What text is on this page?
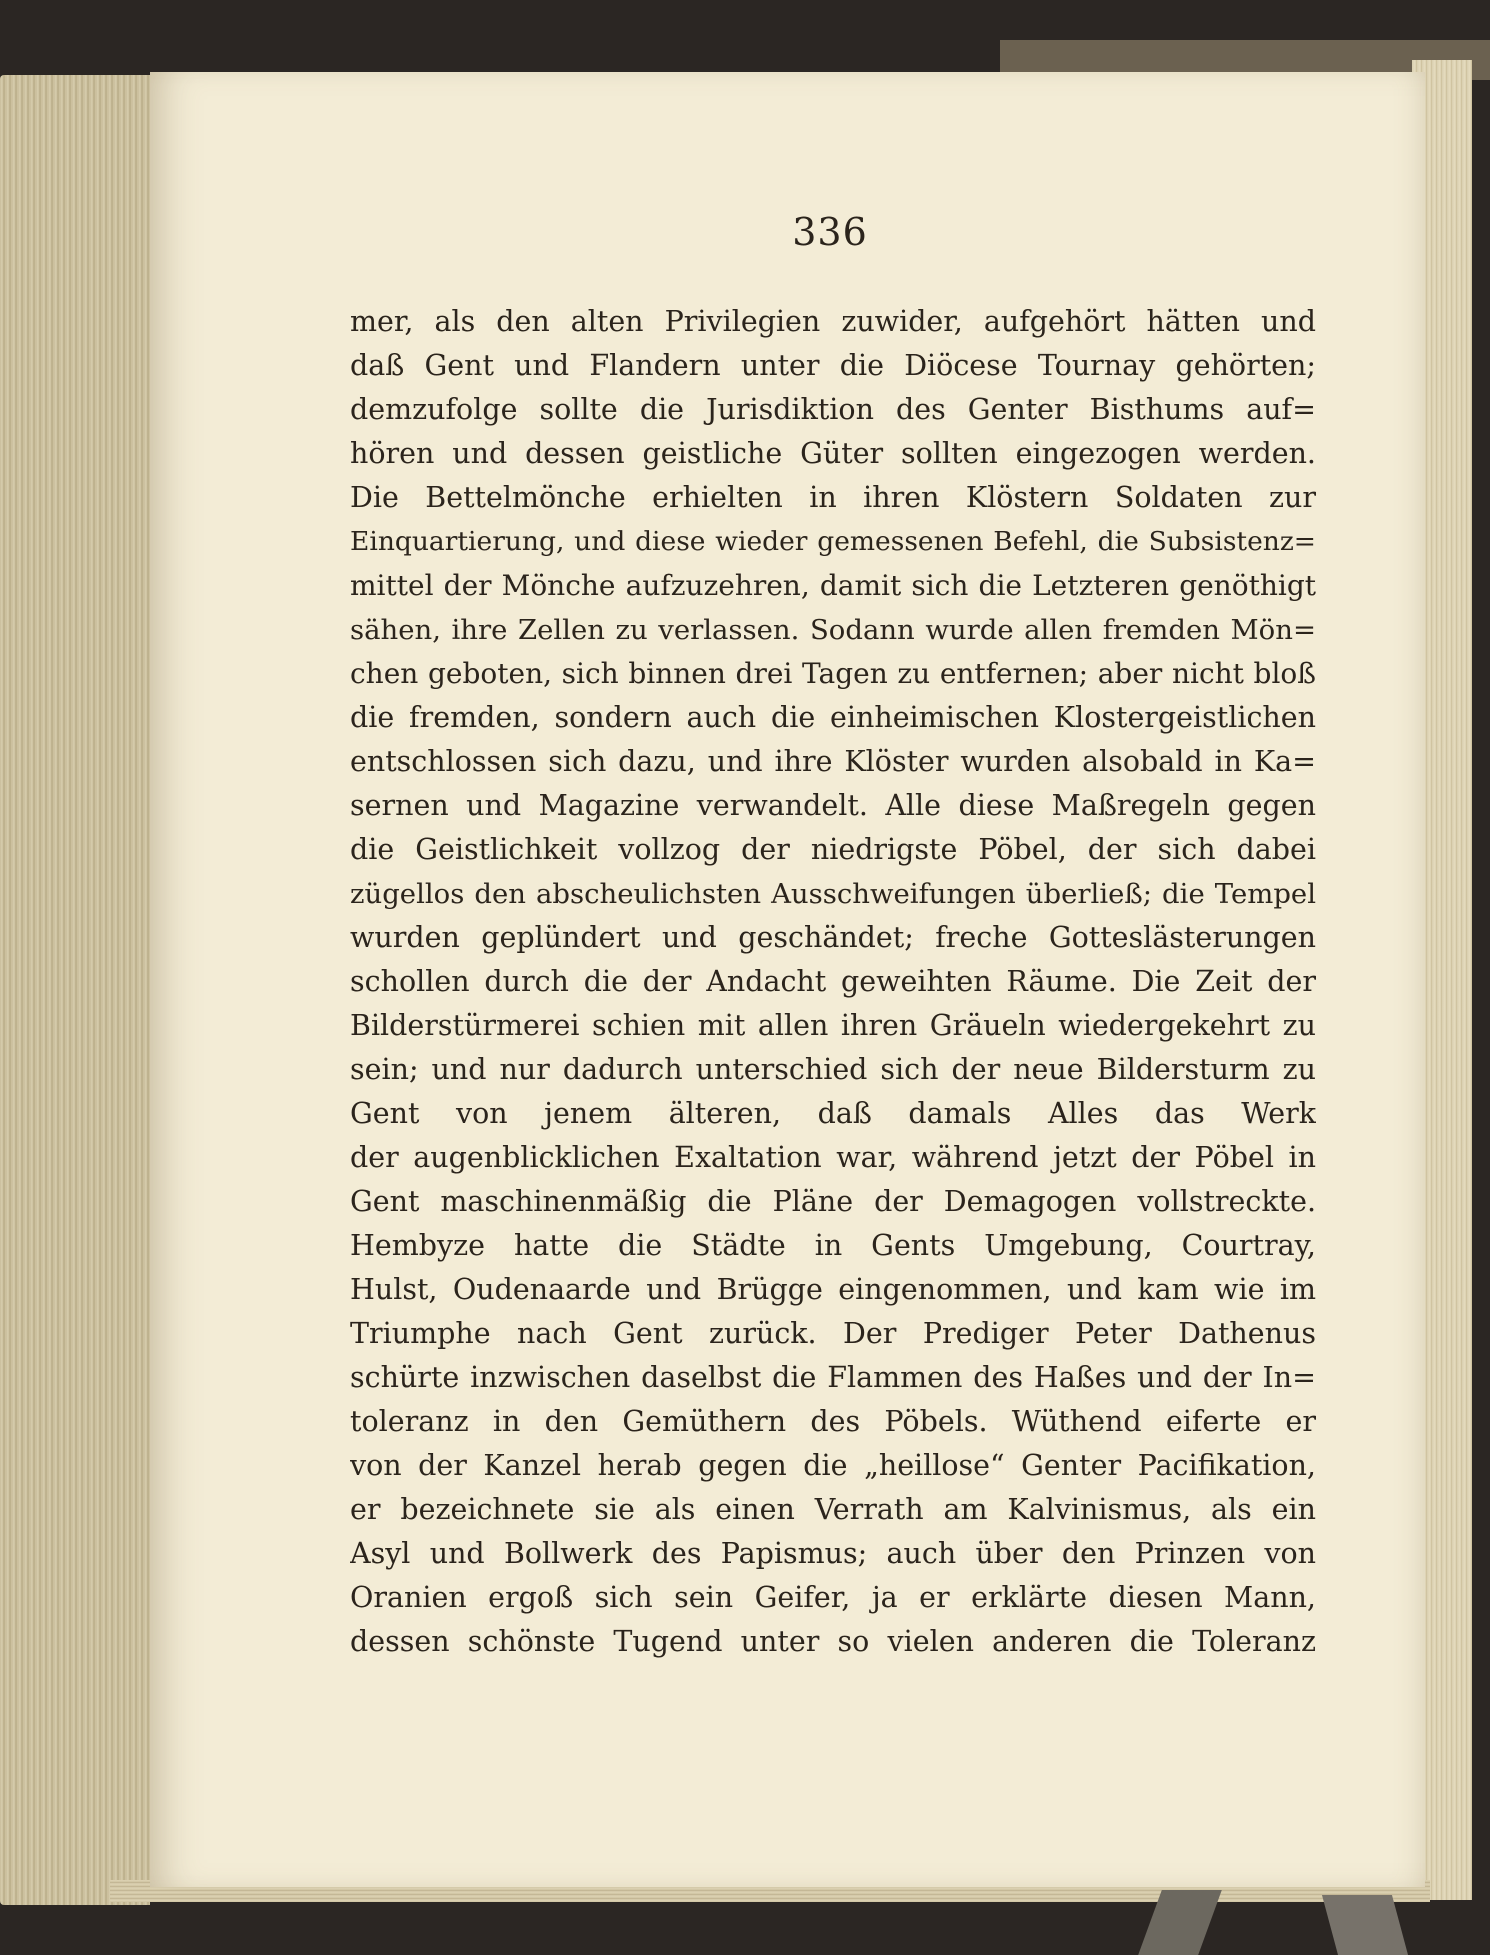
336
mer, als den alten Privilegien zuwider, aufgehört hätten und
daß Gent und Flandern unter die Diöcese Tournay gehörten;
demzufolge sollte die Jurisdiktion des Genter Bisthums auf=
hören und dessen geistliche Güter sollten eingezogen werden.
Die Bettelmönche erhielten in ihren Klöstern Soldaten zur
Einquartierung, und diese wieder gemessenen Befehl, die Subsistenz=
mittel der Mönche aufzuzehren, damit sich die Letzteren genöthigt
sähen, ihre Zellen zu verlassen. Sodann wurde allen fremden Mön=
chen geboten, sich binnen drei Tagen zu entfernen; aber nicht bloß
die fremden, sondern auch die einheimischen Klostergeistlichen
entschlossen sich dazu, und ihre Klöster wurden alsobald in Ka=
sernen und Magazine verwandelt. Alle diese Maßregeln gegen
die Geistlichkeit vollzog der niedrigste Pöbel, der sich dabei
zügellos den abscheulichsten Ausschweifungen überließ; die Tempel
wurden geplündert und geschändet; freche Gotteslästerungen
schollen durch die der Andacht geweihten Räume. Die Zeit der
Bilderstürmerei schien mit allen ihren Gräueln wiedergekehrt zu
sein; und nur dadurch unterschied sich der neue Bildersturm zu
Gent von jenem älteren, daß damals Alles das Werk
der augenblicklichen Exaltation war, während jetzt der Pöbel in
Gent maschinenmäßig die Pläne der Demagogen vollstreckte.
Hembyze hatte die Städte in Gents Umgebung, Courtray,
Hulst, Oudenaarde und Brügge eingenommen, und kam wie im
Triumphe nach Gent zurück. Der Prediger Peter Dathenus
schürte inzwischen daselbst die Flammen des Haßes und der In=
toleranz in den Gemüthern des Pöbels. Wüthend eiferte er
von der Kanzel herab gegen die „heillose“ Genter Pacifikation,
er bezeichnete sie als einen Verrath am Kalvinismus, als ein
Asyl und Bollwerk des Papismus; auch über den Prinzen von
Oranien ergoß sich sein Geifer, ja er erklärte diesen Mann,
dessen schönste Tugend unter so vielen anderen die Toleranz
